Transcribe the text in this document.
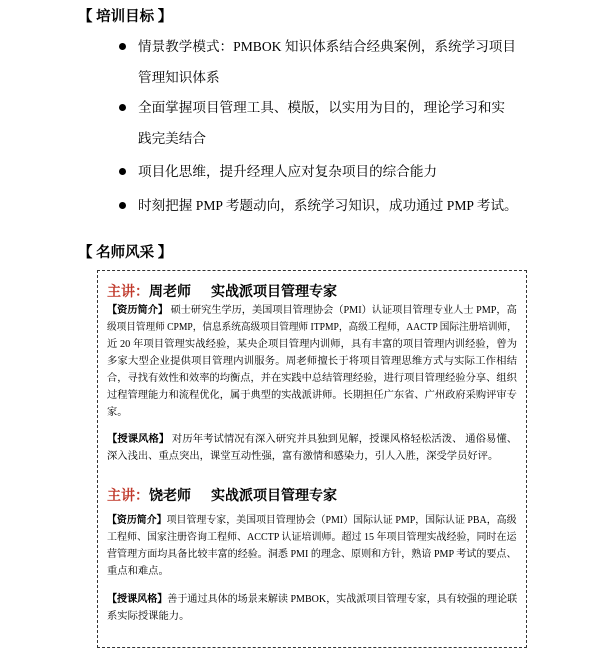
【 培训目标 】
情景教学模式：PMBOK 知识体系结合经典案例，系统学习项目
管理知识体系
全面掌握项目管理工具、模版，以实用为目的，理论学习和实
践完美结合
项目化思维，提升经理人应对复杂项目的综合能力
时刻把握 PMP 考题动向，系统学习知识，成功通过 PMP 考试。
【 名师风采 】
主讲：周老师 实战派项目管理专家
【资历简介】 硕士研究生学历，美国项目管理协会（PMI）认证项目管理专业人士 PMP，高
级项目管理师 CPMP，信息系统高级项目管理师 ITPMP，高级工程师，AACTP 国际注册培训师，
近 20 年项目管理实战经验，某央企项目管理内训师，具有丰富的项目管理内训经验，曾为
多家大型企业提供项目管理内训服务。周老师擅长于将项目管理思维方式与实际工作相结
合，寻找有效性和效率的均衡点，并在实践中总结管理经验，进行项目管理经验分享、组织
过程管理能力和流程优化，属于典型的实战派讲师。长期担任广东省、广州政府采购评审专
家。
【授课风格】 对历年考试情况有深入研究并具独到见解，授课风格轻松活泼、 通俗易懂、
深入浅出、重点突出，课堂互动性强，富有激情和感染力，引人入胜，深受学员好评。
主讲：饶老师 实战派项目管理专家
【资历简介】项目管理专家，美国项目管理协会（PMI）国际认证 PMP，国际认证 PBA，高级
工程师、国家注册咨询工程师、ACCTP 认证培训师。超过 15 年项目管理实战经验，同时在运
营管理方面均具备比较丰富的经验。洞悉 PMI 的理念、原则和方针，熟谙 PMP 考试的要点、
重点和难点。
【授课风格】善于通过具体的场景来解读 PMBOK，实战派项目管理专家，具有较强的理论联
系实际授课能力。
